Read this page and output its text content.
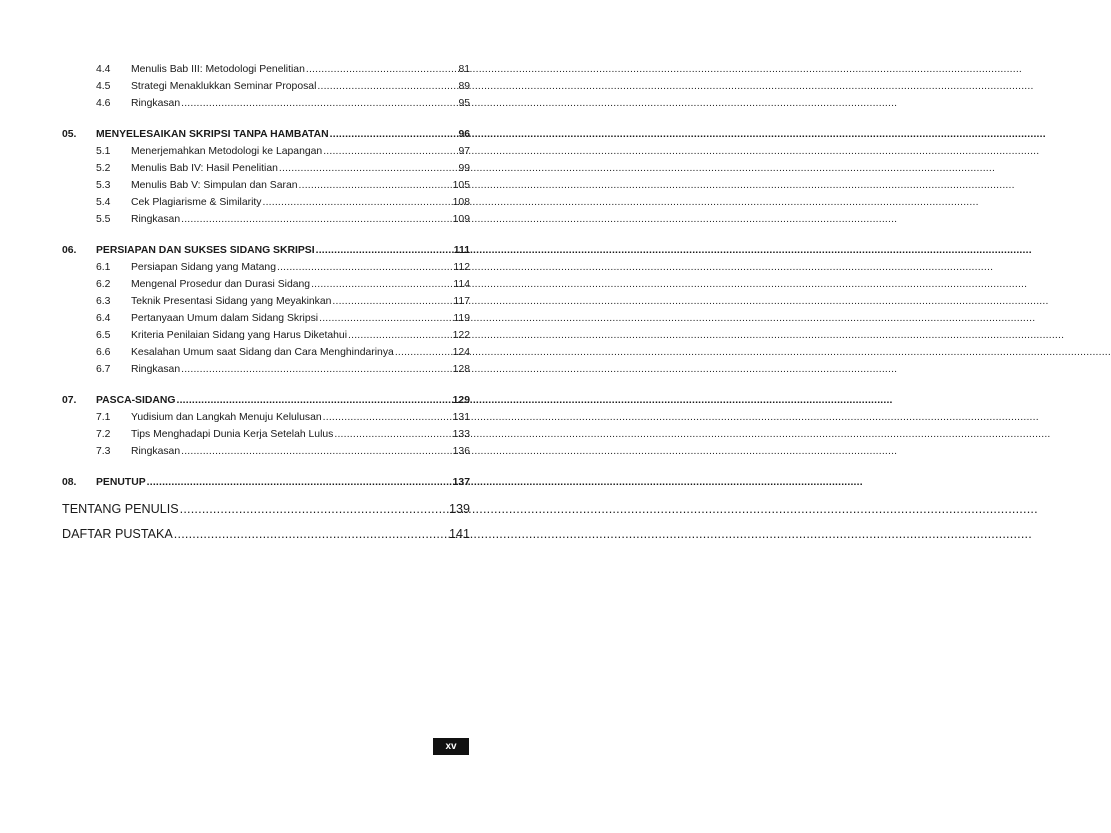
4.4	Menulis Bab III: Metodologi Penelitian .....	81
4.5	Strategi Menaklukkan Seminar Proposal .....	89
4.6	Ringkasan .....	95
05.	MENYELESAIKAN SKRIPSI TANPA HAMBATAN .....	96
5.1	Menerjemahkan Metodologi ke Lapangan .....	97
5.2	Menulis Bab IV: Hasil Penelitian .....	99
5.3	Menulis Bab V: Simpulan dan Saran .....	105
5.4	Cek Plagiarisme & Similarity .....	108
5.5	Ringkasan .....	109
06.	PERSIAPAN DAN SUKSES SIDANG SKRIPSI .....	111
6.1	Persiapan Sidang yang Matang .....	112
6.2	Mengenal Prosedur dan Durasi Sidang .....	114
6.3	Teknik Presentasi Sidang yang Meyakinkan .....	117
6.4	Pertanyaan Umum dalam Sidang Skripsi .....	119
6.5	Kriteria Penilaian Sidang yang Harus Diketahui .....	122
6.6	Kesalahan Umum saat Sidang dan Cara Menghindarinya .....	124
6.7	Ringkasan .....	128
07.	PASCA-SIDANG .....	129
7.1	Yudisium dan Langkah Menuju Kelulusan .....	131
7.2	Tips Menghadapi Dunia Kerja Setelah Lulus .....	133
7.3	Ringkasan .....	136
08.	PENUTUP .....	137
TENTANG PENULIS .....	139
DAFTAR PUSTAKA .....	141
xv
